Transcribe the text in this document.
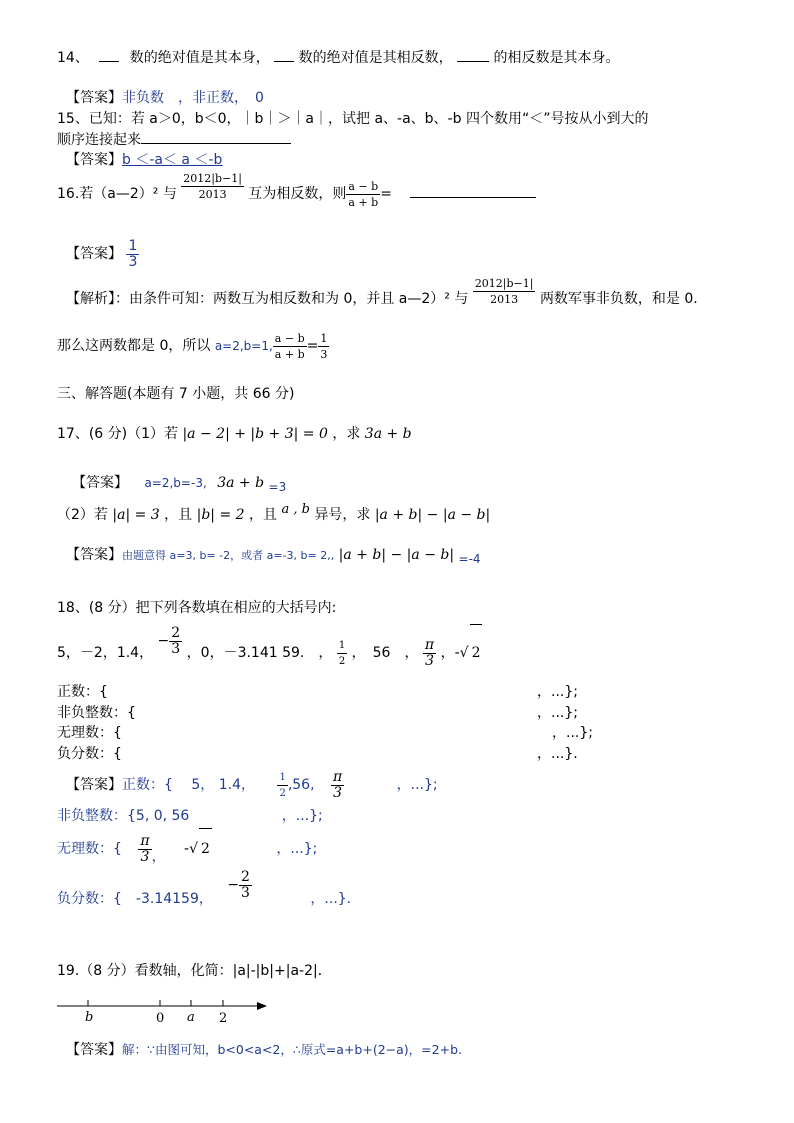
14、	数的绝对值是其本身， 数的绝对值是其相反数，	的相反数是其本身。
【答案】非负数　，非正数，　0
15、已知：若 a＞0，b＜0，｜b｜＞｜a｜，试把 a、-a、b、-b 四个数用“＜”号按从小到大的
顺序连接起来
【答案】b ＜-a＜ a ＜-b
16.若（a—2）² 与 $\frac{2012|b-1|}{2013}$ 互为相反数，则 $\frac{a - b}{a + b}$ =
【答案】 $\frac{1}{3}$
【解析】：由条件可知：两数互为相反数和为 0，并且 a—2）² 与 $\frac{2012|b-1|}{2013}$ 两数军事非负数，和是 0.
那么这两数都是 0，所以 a=2,b=1, $\frac{a - b}{a + b} = \frac{1}{3}$
三、解答题(本题有 7 小题，共 66 分)
17、(6 分)（1）若 |a − 2| + |b + 3| = 0 ，求 3a + b
【答案】 a=2,b=-3, 3a + b =3
（2）若 |a| = 3 ，且 |b| = 2 ，且 a , b 异号，求 |a + b| − |a − b|
【答案】由题意得 a=3, b= -2，或者 a=-3, b= 2,, |a + b| − |a − b| =-4
18、(8 分）把下列各数填在相应的大括号内:
5，－2，1.4， − $\frac{2}{3}$ ，0，－3.141 59.　， $\frac{1}{2}$ ，　56　， $\frac{\pi}{3}$ ，-√ 2
正数：{	，...};
非负整数：{	，...};
无理数：{	，...};
负分数：{	，...}.
【答案】正数：{　 5， 1.4， $\frac{1}{2} ,56$, $\frac{\pi}{3}$	，...};
非负整数：{5, 0, 56	，...};
无理数：{ $\frac{\pi}{3}$ ， -√ 2	，...};
负分数：{　-3.14159， − $\frac{2}{3}$	，...}.
19.（8 分）看数轴，化简：|a|-|b|+|a-2|．
b	0 a 2
【答案】解：∵由图可知，b<0<a<2，∴原式=a+b+(2−a)，=2+b.
